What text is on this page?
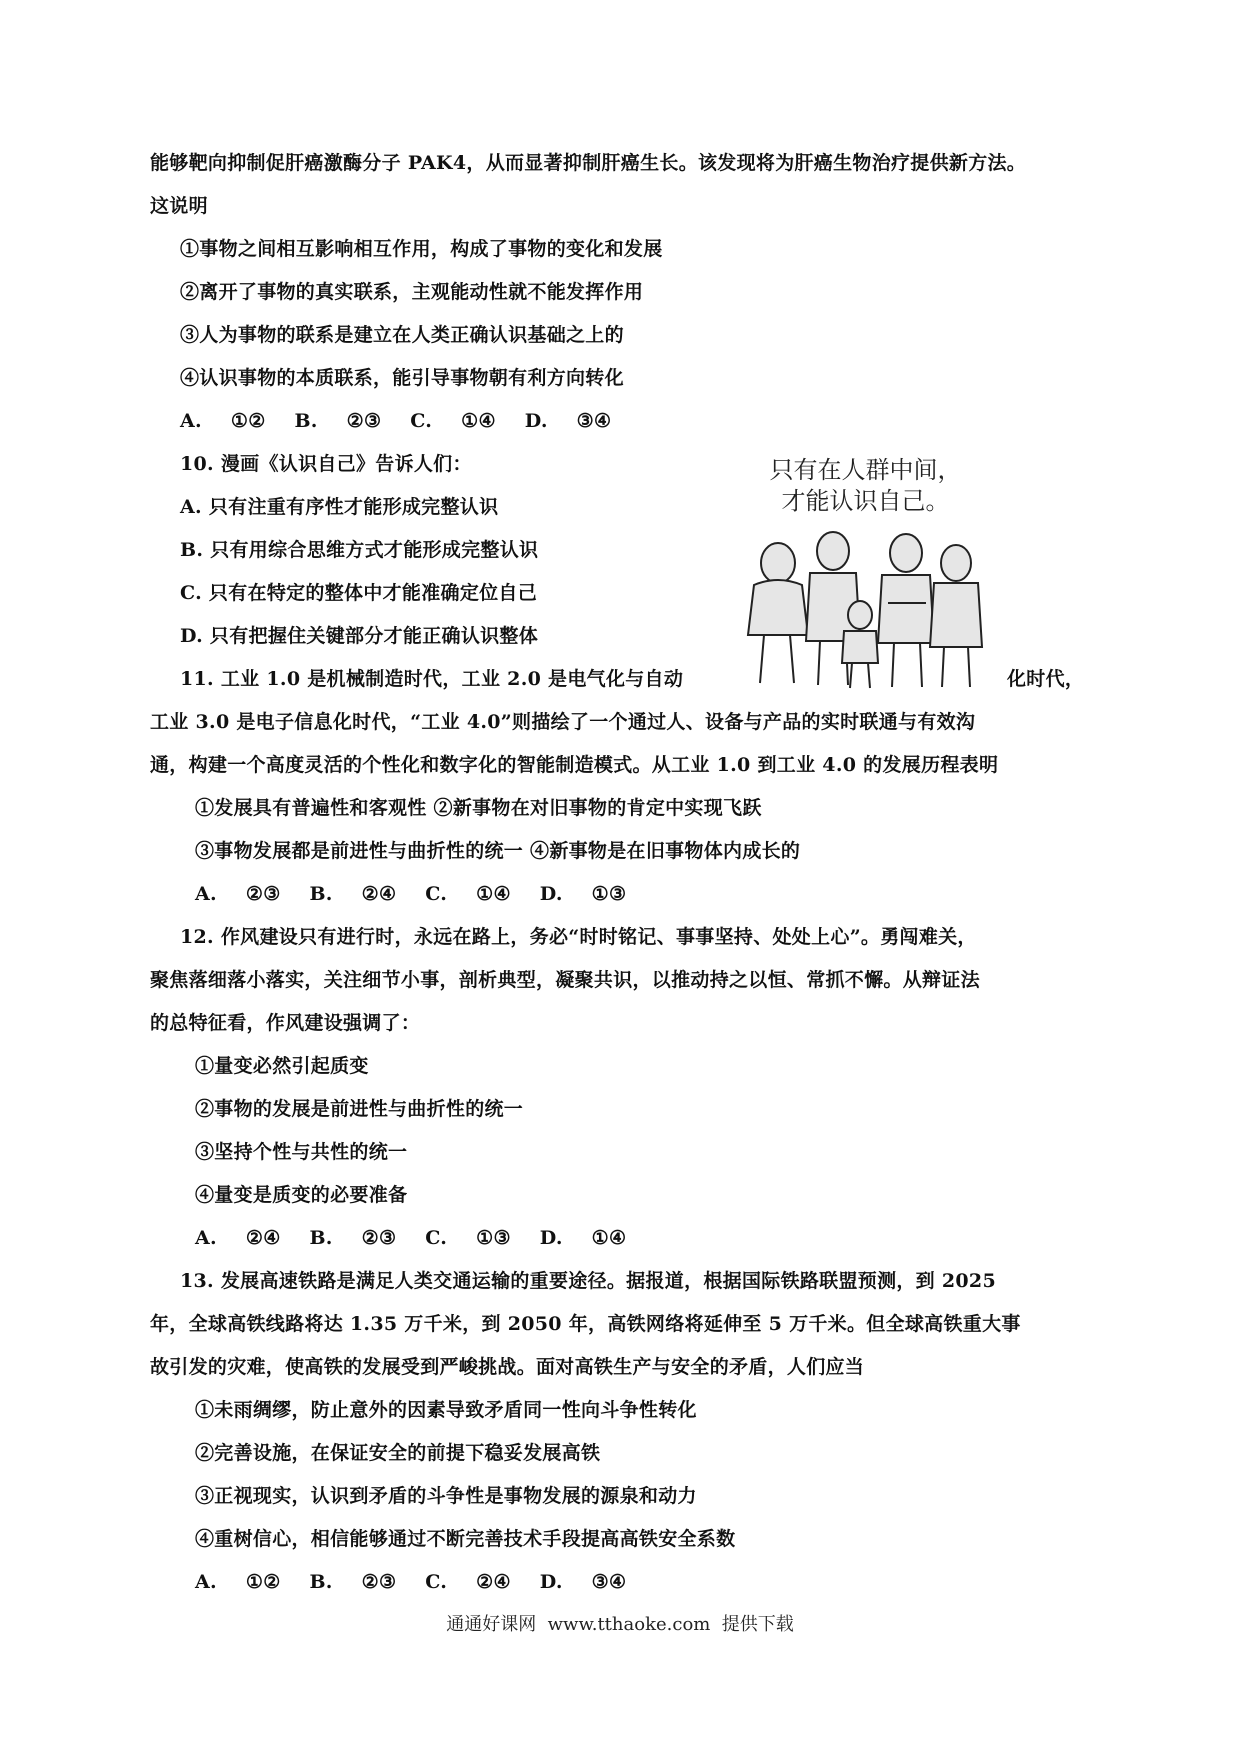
能够靶向抑制促肝癌激酶分子 PAK4，从而显著抑制肝癌生长。该发现将为肝癌生物治疗提供新方法。

这说明

①事物之间相互影响相互作用，构成了事物的变化和发展

②离开了事物的真实联系，主观能动性就不能发挥作用

③人为事物的联系是建立在人类正确认识基础之上的

④认识事物的本质联系，能引导事物朝有利方向转化

A. ①② B. ②③ C. ①④ D. ③④

10. 漫画《认识自己》告诉人们：

A. 只有注重有序性才能形成完整认识

B. 只有用综合思维方式才能形成完整认识

C. 只有在特定的整体中才能准确定位自己

D. 只有把握住关键部分才能正确认识整体

只有在人群中间，
才能认识自己。

11. 工业 1.0 是机械制造时代，工业 2.0 是电气化与自动	化时代，

工业 3.0 是电子信息化时代，“工业 4.0”则描绘了一个通过人、设备与产品的实时联通与有效沟

通，构建一个高度灵活的个性化和数字化的智能制造模式。从工业 1.0 到工业 4.0 的发展历程表明

①发展具有普遍性和客观性 ②新事物在对旧事物的肯定中实现飞跃

③事物发展都是前进性与曲折性的统一 ④新事物是在旧事物体内成长的

A. ②③ B. ②④ C. ①④ D. ①③

12. 作风建设只有进行时，永远在路上，务必“时时铭记、事事坚持、处处上心”。勇闯难关，

聚焦落细落小落实，关注细节小事，剖析典型，凝聚共识，以推动持之以恒、常抓不懈。从辩证法

的总特征看，作风建设强调了：

①量变必然引起质变

②事物的发展是前进性与曲折性的统一

③坚持个性与共性的统一

④量变是质变的必要准备

A. ②④ B. ②③ C. ①③ D. ①④

13. 发展高速铁路是满足人类交通运输的重要途径。据报道，根据国际铁路联盟预测，到 2025

年，全球高铁线路将达 1.35 万千米，到 2050 年，高铁网络将延伸至 5 万千米。但全球高铁重大事

故引发的灾难，使高铁的发展受到严峻挑战。面对高铁生产与安全的矛盾，人们应当

①未雨绸缪，防止意外的因素导致矛盾同一性向斗争性转化

②完善设施，在保证安全的前提下稳妥发展高铁

③正视现实，认识到矛盾的斗争性是事物发展的源泉和动力

④重树信心，相信能够通过不断完善技术手段提高高铁安全系数

A. ①② B. ②③ C. ②④ D. ③④

通通好课网  www.tthaoke.com  提供下载
